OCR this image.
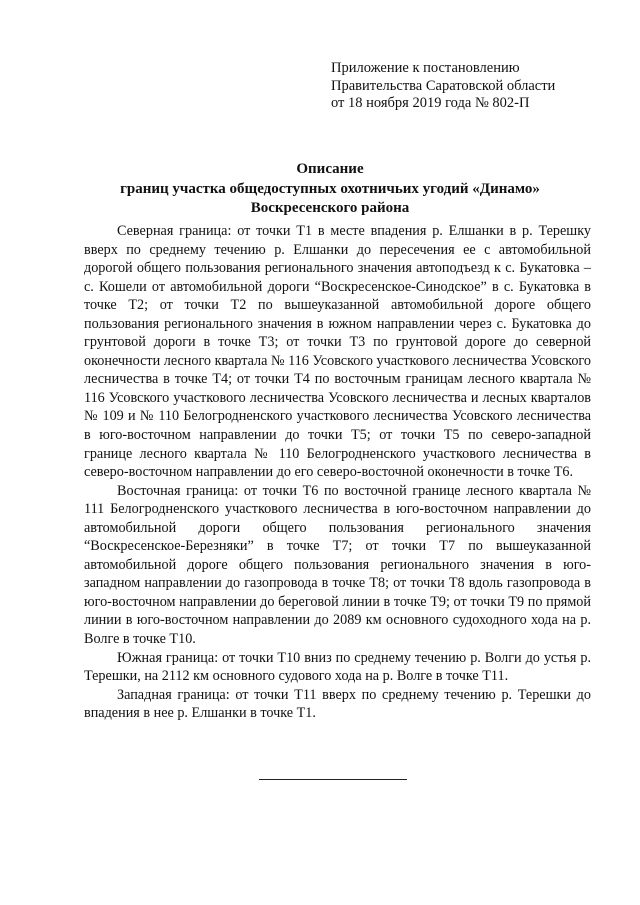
Приложение к постановлению
Правительства Саратовской области
от 18 ноября 2019 года № 802-П
Описание
границ участка общедоступных охотничьих угодий «Динамо»
Воскресенского района

Северная граница: от точки Т1 в месте впадения р. Елшанки в р. Терешку вверх по среднему течению р. Елшанки до пересечения ее с автомобильной дорогой общего пользования регионального значения автоподъезд к с. Букатовка – с. Кошели от автомобильной дороги “Воскресенское-Синодское” в с. Букатовка в точке Т2; от точки Т2 по вышеуказанной автомобильной дороге общего пользования регионального значения в южном направлении через с. Букатовка до грунтовой дороги в точке Т3; от точки Т3 по грунтовой дороге до северной оконечности лесного квартала № 116 Усовского участкового лесничества Усовского лесничества в точке Т4; от точки Т4 по восточным границам лесного квартала № 116 Усовского участкового лесничества Усовского лесничества и лесных кварталов № 109 и № 110 Белогродненского участкового лесничества Усовского лесничества в юго-восточном направлении до точки Т5; от точки Т5 по северо-западной границе лесного квартала № 110 Белогродненского участкового лесничества в северо-восточном направлении до его северо-восточной оконечности в точке Т6.

Восточная граница: от точки Т6 по восточной границе лесного квартала № 111 Белогродненского участкового лесничества в юго-восточном направлении до автомобильной дороги общего пользования регионального значения “Воскресенское-Березняки” в точке Т7; от точки Т7 по вышеуказанной автомобильной дороге общего пользования регионального значения в юго-западном направлении до газопровода в точке Т8; от точки Т8 вдоль газопровода в юго-восточном направлении до береговой линии в точке Т9; от точки Т9 по прямой линии в юго-восточном направлении до 2089 км основного судоходного хода на р. Волге в точке Т10.

Южная граница: от точки Т10 вниз по среднему течению р. Волги до устья р. Терешки, на 2112 км основного судового хода на р. Волге в точке Т11.

Западная граница: от точки Т11 вверх по среднему течению р. Терешки до впадения в нее р. Елшанки в точке Т1.
